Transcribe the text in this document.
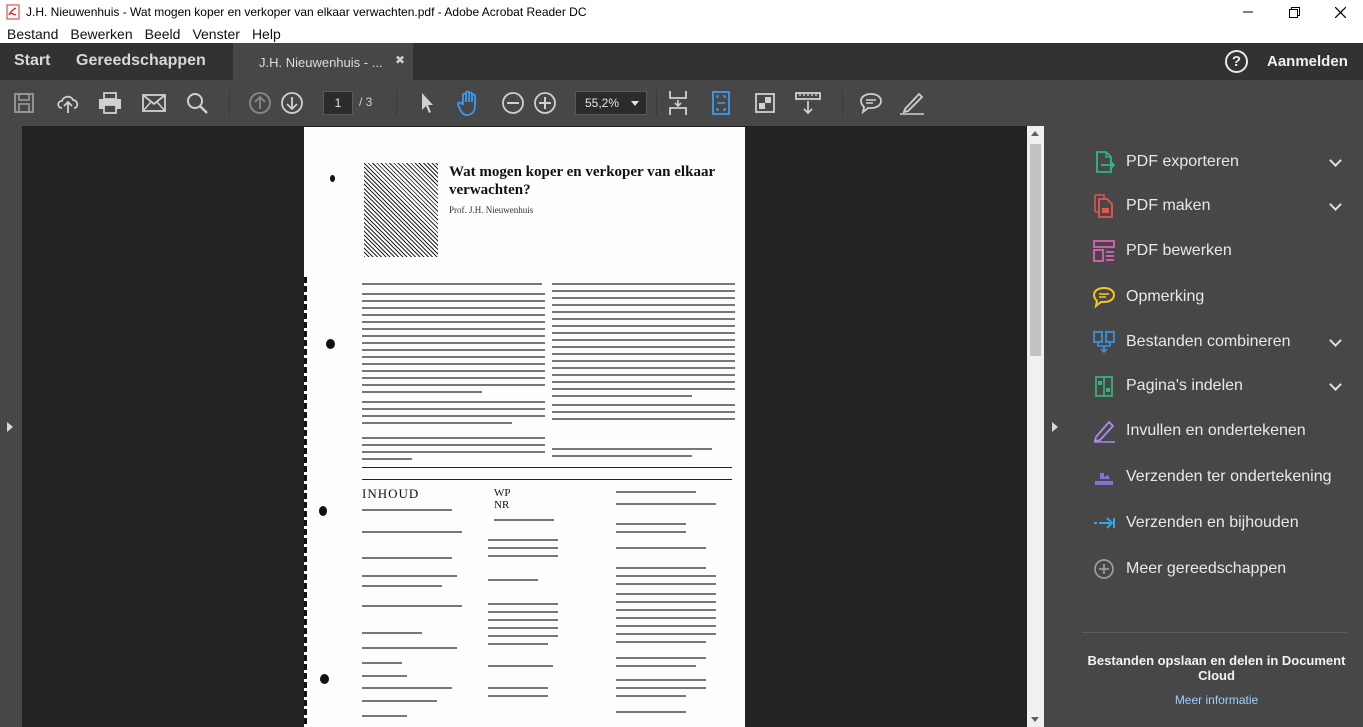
J.H. Nieuwenhuis - Wat mogen koper en verkoper van elkaar verwachten.pdf - Adobe Acrobat Reader DC
Bestand Bewerken Beeld Venster Help
Start Gereedschappen	J.H. Nieuwenhuis - ... ✖	?	Aanmelden
1	/ 3	55,2%
Wat mogen koper en verkoper van elkaar verwachten?
Prof. J.H. Nieuwenhuis
INHOUD	WP
NR
PDF exporteren
PDF maken
PDF bewerken
Opmerking
Bestanden combineren
Pagina's indelen
Invullen en ondertekenen
Verzenden ter ondertekening
Verzenden en bijhouden
Meer gereedschappen
Bestanden opslaan en delen in Document Cloud
Meer informatie
